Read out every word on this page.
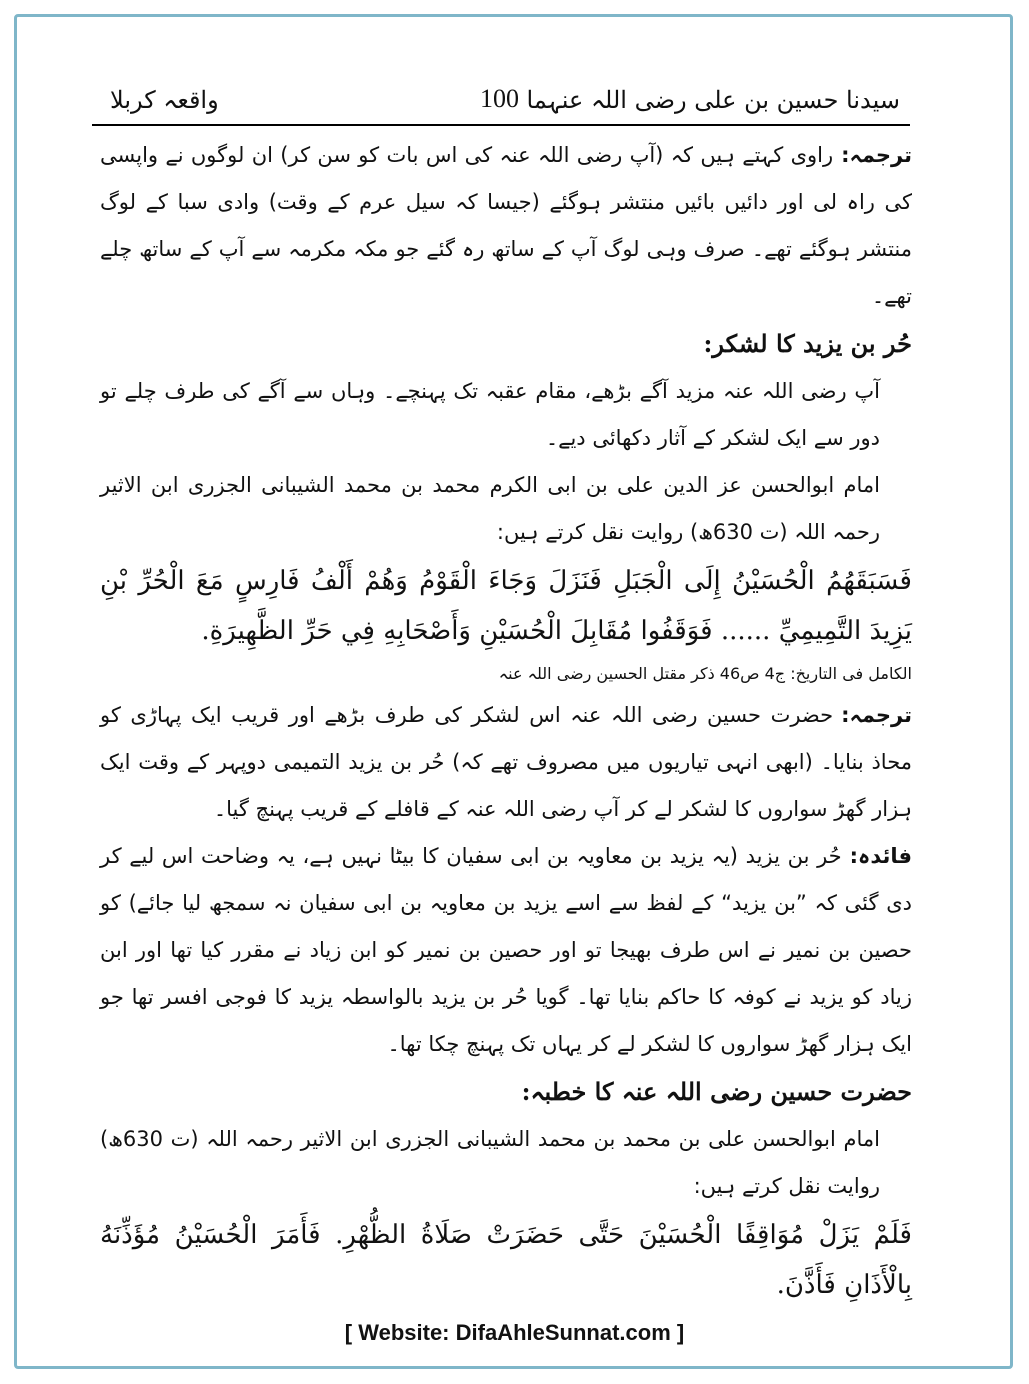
سیدنا حسین بن علی رضی اللہ عنہما
100
واقعہ کربلا

ترجمہ:راوی کہتے ہیں کہ (آپ رضی اللہ عنہ کی اس بات کو سن کر) ان لوگوں نے واپسی کی راہ لی اور دائیں بائیں منتشر ہوگئے (جیسا کہ سیل عرم کے وقت) وادی سبا کے لوگ منتشر ہوگئے تھے۔ صرف وہی لوگ آپ کے ساتھ رہ گئے جو مکہ مکرمہ سے آپ کے ساتھ چلے تھے۔

حُر بن یزید کا لشکر:

آپ رضی اللہ عنہ مزید آگے بڑھے، مقام عقبہ تک پہنچے۔ وہاں سے آگے کی طرف چلے تو دور سے ایک لشکر کے آثار دکھائی دیے۔

امام ابوالحسن عز الدین علی بن ابی الکرم محمد بن محمد الشیبانی الجزری ابن الاثیر رحمہ اللہ (ت 630ھ) روایت نقل کرتے ہیں:

فَسَبَقَهُمُ الْحُسَيْنُ إِلَى الْجَبَلِ فَنَزَلَ وَجَاءَ الْقَوْمُ وَهُمْ أَلْفُ فَارِسٍ مَعَ الْحُرِّ بْنِ يَزِيدَ التَّمِيمِيِّ ...... فَوَقَفُوا مُقَابِلَ الْحُسَيْنِ وَأَصْحَابِهِ فِي حَرِّ الظَّهِيرَةِ.

الکامل فی التاریخ: ج4 ص46 ذکر مقتل الحسین رضی اللہ عنہ

ترجمہ:حضرت حسین رضی اللہ عنہ اس لشکر کی طرف بڑھے اور قریب ایک پہاڑی کو محاذ بنایا۔ (ابھی انہی تیاریوں میں مصروف تھے کہ) حُر بن یزید التمیمی دوپہر کے وقت ایک ہزار گھڑ سواروں کا لشکر لے کر آپ رضی اللہ عنہ کے قافلے کے قریب پہنچ گیا۔

فائدہ:حُر بن یزید (یہ یزید بن معاویہ بن ابی سفیان کا بیٹا نہیں ہے، یہ وضاحت اس لیے کر دی گئی کہ ”بن یزید“ کے لفظ سے اسے یزید بن معاویہ بن ابی سفیان نہ سمجھ لیا جائے) کو حصین بن نمیر نے اس طرف بھیجا تو اور حصین بن نمیر کو ابن زیاد نے مقرر کیا تھا اور ابن زیاد کو یزید نے کوفہ کا حاکم بنایا تھا۔ گویا حُر بن یزید بالواسطہ یزید کا فوجی افسر تھا جو ایک ہزار گھڑ سواروں کا لشکر لے کر یہاں تک پہنچ چکا تھا۔

حضرت حسین رضی اللہ عنہ کا خطبہ:

امام ابوالحسن علی بن محمد بن محمد الشیبانی الجزری ابن الاثیر رحمہ اللہ (ت 630ھ) روایت نقل کرتے ہیں:

فَلَمْ يَزَلْ مُوَاقِفًا الْحُسَيْنَ حَتَّى حَضَرَتْ صَلَاةُ الظُّهْرِ. فَأَمَرَ الْحُسَيْنُ مُؤَذِّنَهُ بِالْأَذَانِ فَأَذَّنَ.

[ Website: DifaAhleSunnat.com ]
